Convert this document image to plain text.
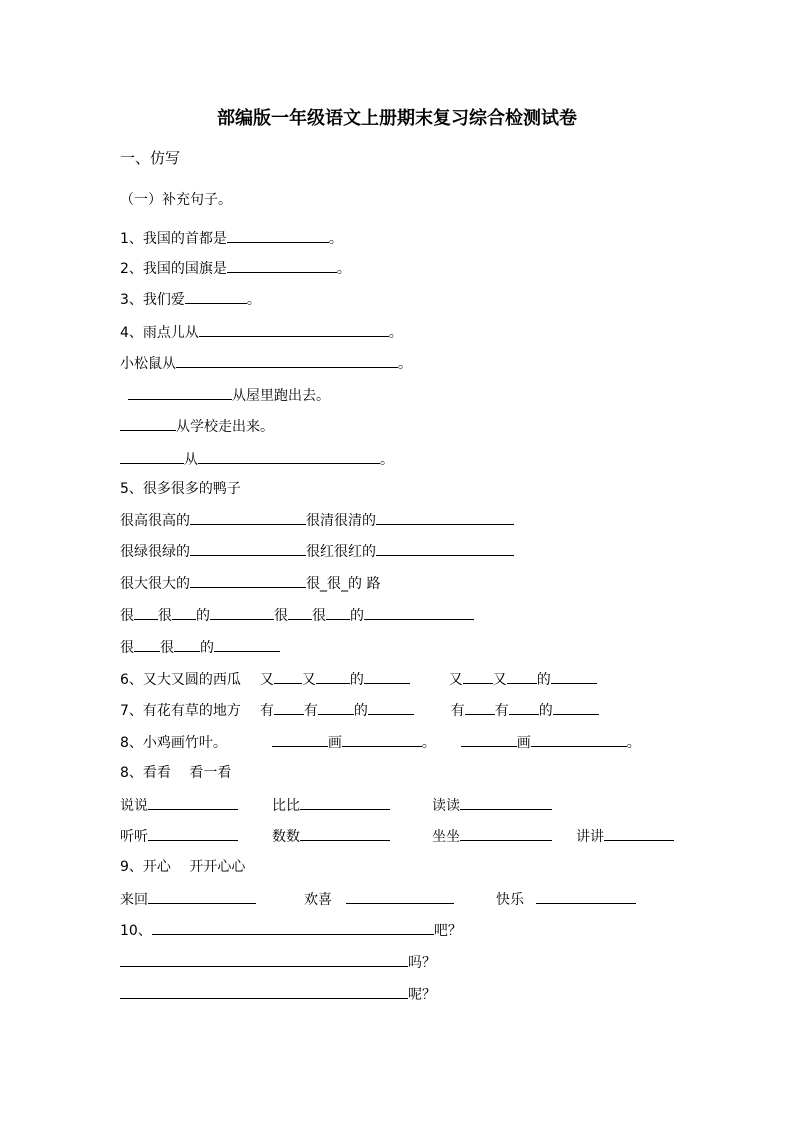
部编版一年级语文上册期末复习综合检测试卷
一、仿写
（一）补充句子。
1、我国的首都是	。
2、我国的国旗是	。
3、我们爱	。
4、雨点儿从	。
小松鼠从	。
从屋里跑出去。
从学校走出来。
从	。
5、很多很多的鸭子
很高很高的	很清很清的
很绿很绿的	很红很红的
很大很大的	很_很_的 路
很 很 的	很 很 的
很 很 的
6、又大又圆的西瓜 又 又 的	又 又 的
7、有花有草的地方 有 有	的	有 有 的
8、小鸡画竹叶。	画	。	画	。
8、看看　 看一看
说说	比比	读读
听听	数数	坐坐	讲讲
9、开心　 开开心心
来回	欢喜	快乐
10、	吧？
吗？
呢？
